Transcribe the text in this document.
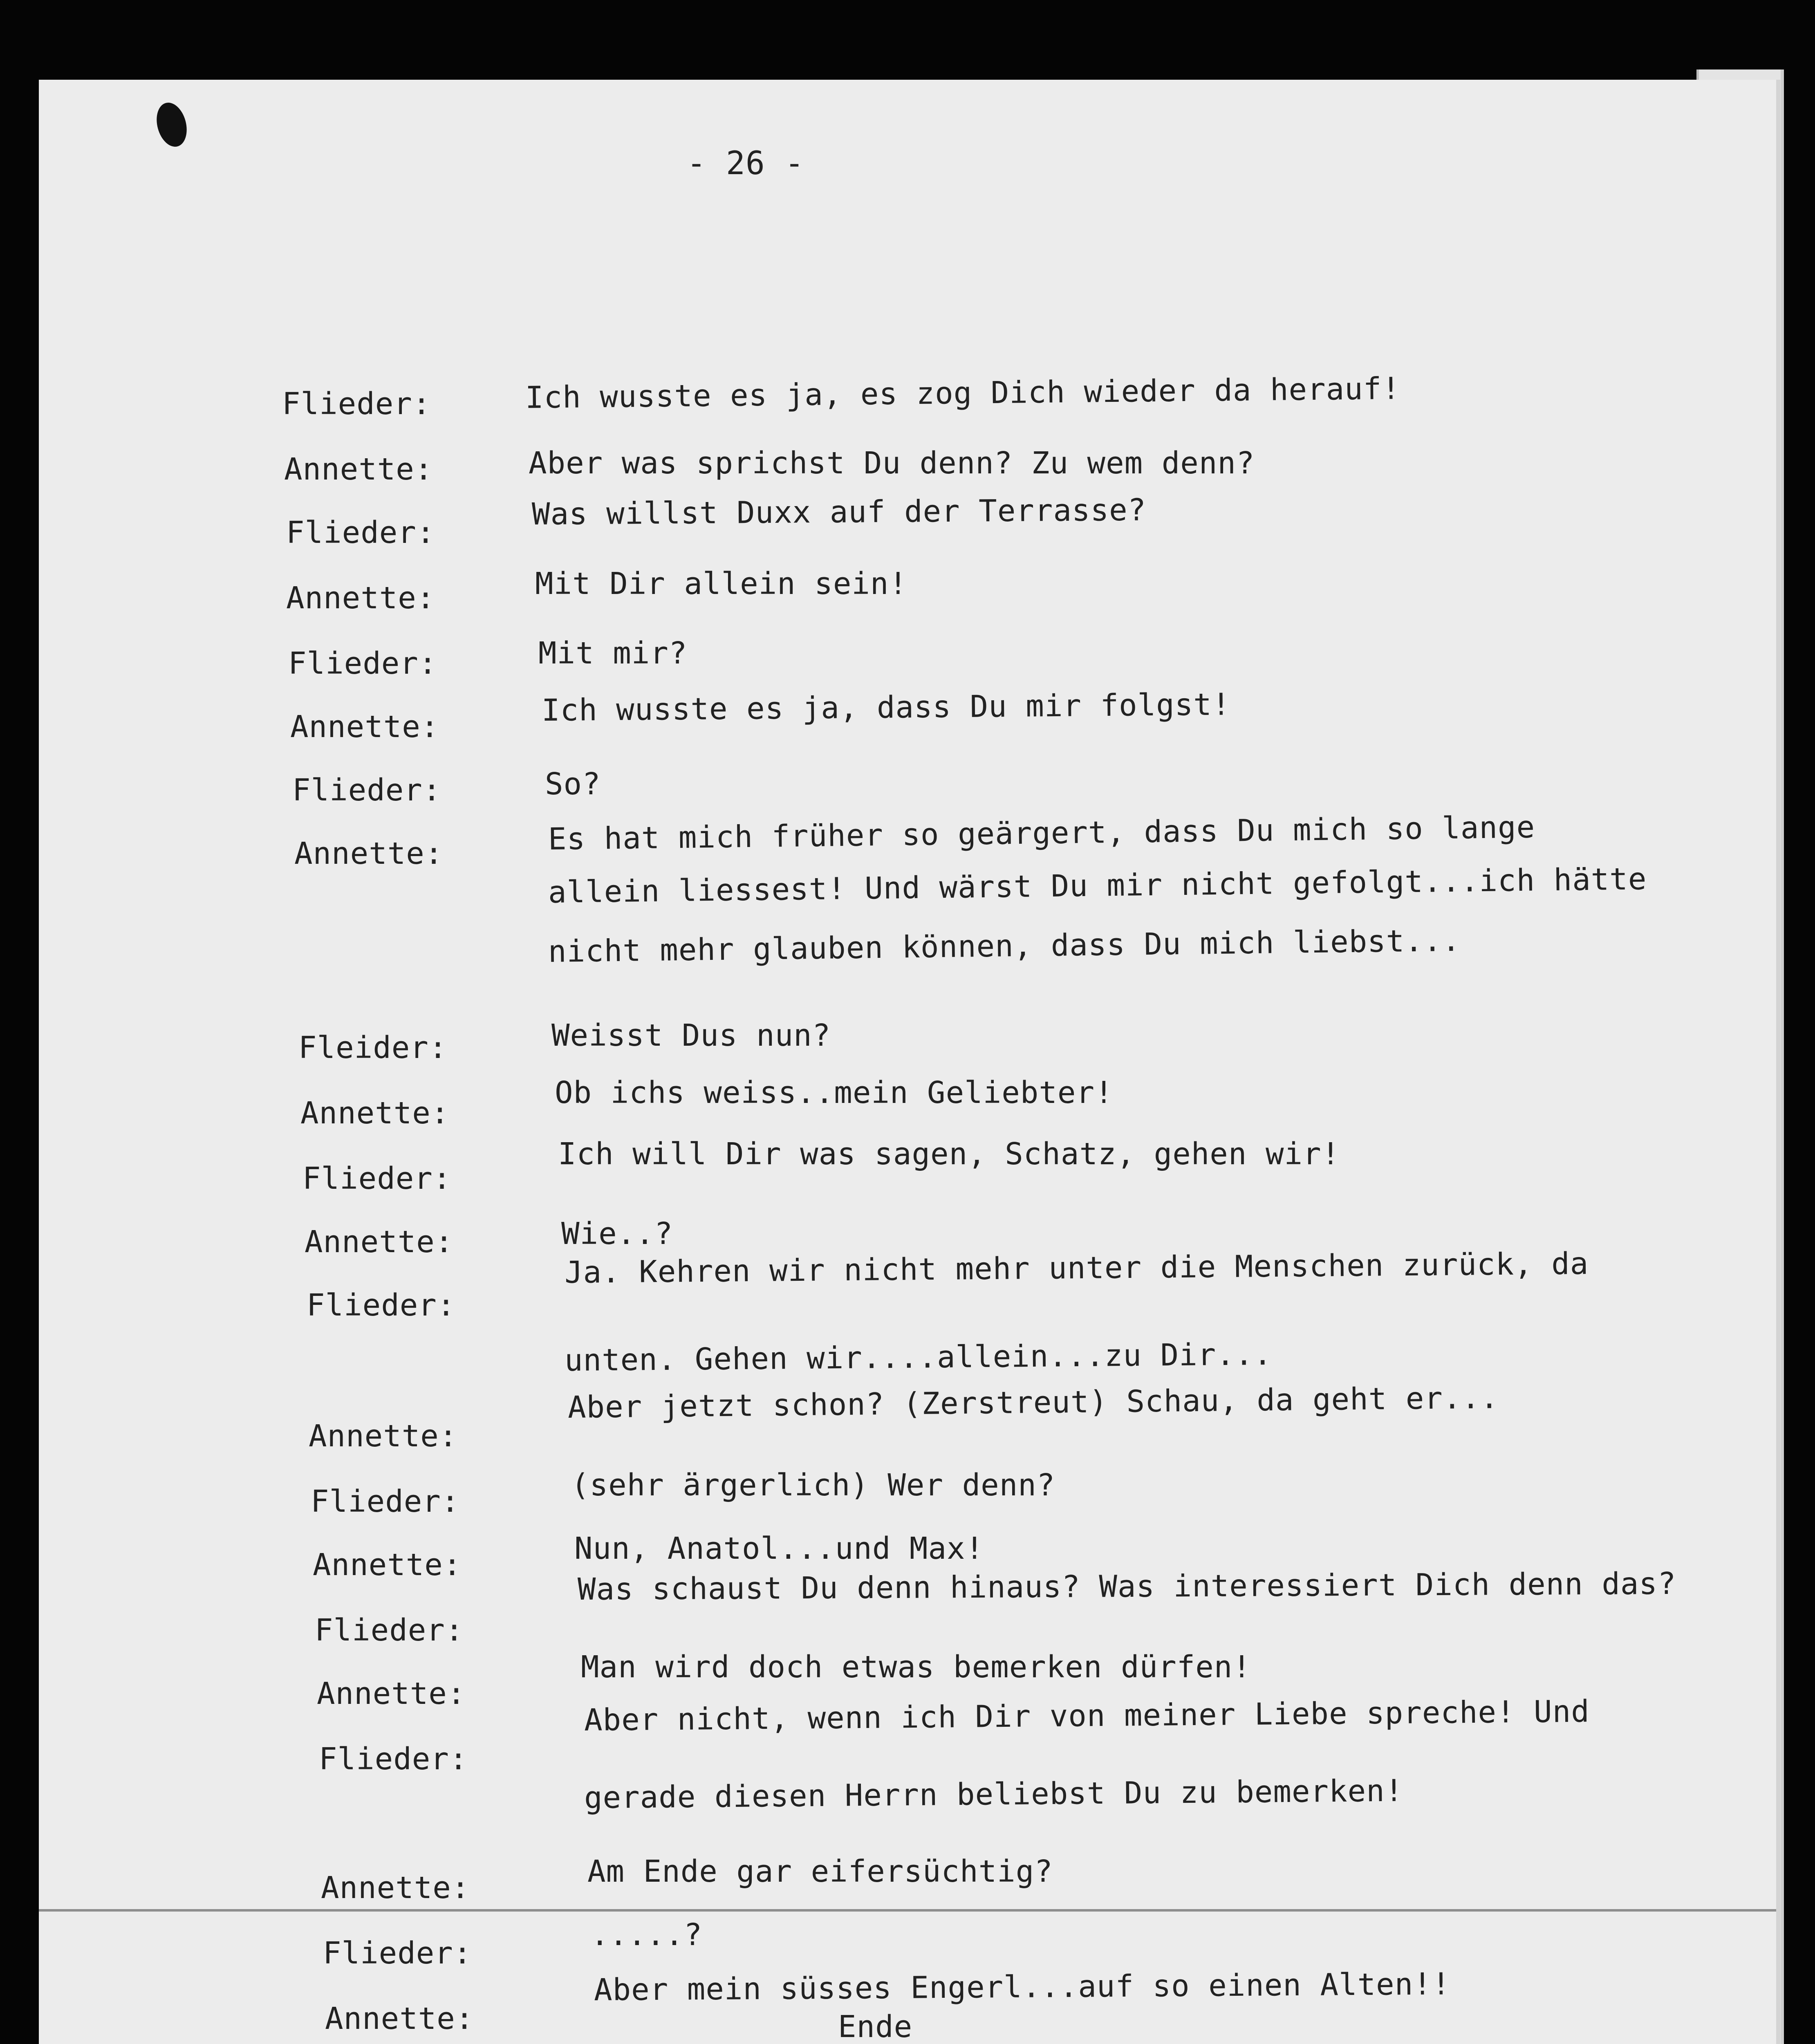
- 26 -
Flieder:	Ich wusste es ja, es zog Dich wieder da herauf!
Annette:	Aber was sprichst Du denn? Zu wem denn?
Flieder:
Was willst Duxx auf der Terrasse?
Annette:	Mit Dir allein sein!
Flieder:	Mit mir?
Annette:	Ich wusste es ja, dass Du mir folgst!
Flieder:	So?
Annette:	Es hat mich früher so geärgert, dass Du mich so lange
allein liessest! Und wärst Du mir nicht gefolgt...ich hätte
nicht mehr glauben können, dass Du mich liebst...
Fleider:	Weisst Dus nun?
Annette:
Ob ichs weiss..mein Geliebter!
Flieder:
Ich will Dir was sagen, Schatz, gehen wir!
Annette:	Wie..?
Flieder:
Ja. Kehren wir nicht mehr unter die Menschen zurück, da
unten. Gehen wir....allein...zu Dir...
Annette:
Aber jetzt schon? (Zerstreut) Schau, da geht er...
Flieder:	(sehr ärgerlich) Wer denn?
Annette:	Nun, Anatol...und Max!
Flieder:
Was schaust Du denn hinaus? Was interessiert Dich denn das?
Annette:
Man wird doch etwas bemerken dürfen!
Flieder:
Aber nicht, wenn ich Dir von meiner Liebe spreche! Und
gerade diesen Herrn beliebst Du zu bemerken!
Annette:	Am Ende gar eifersüchtig?
Flieder:
.....?
Annette:
Aber mein süsses Engerl...auf so einen Alten!!
Ende
